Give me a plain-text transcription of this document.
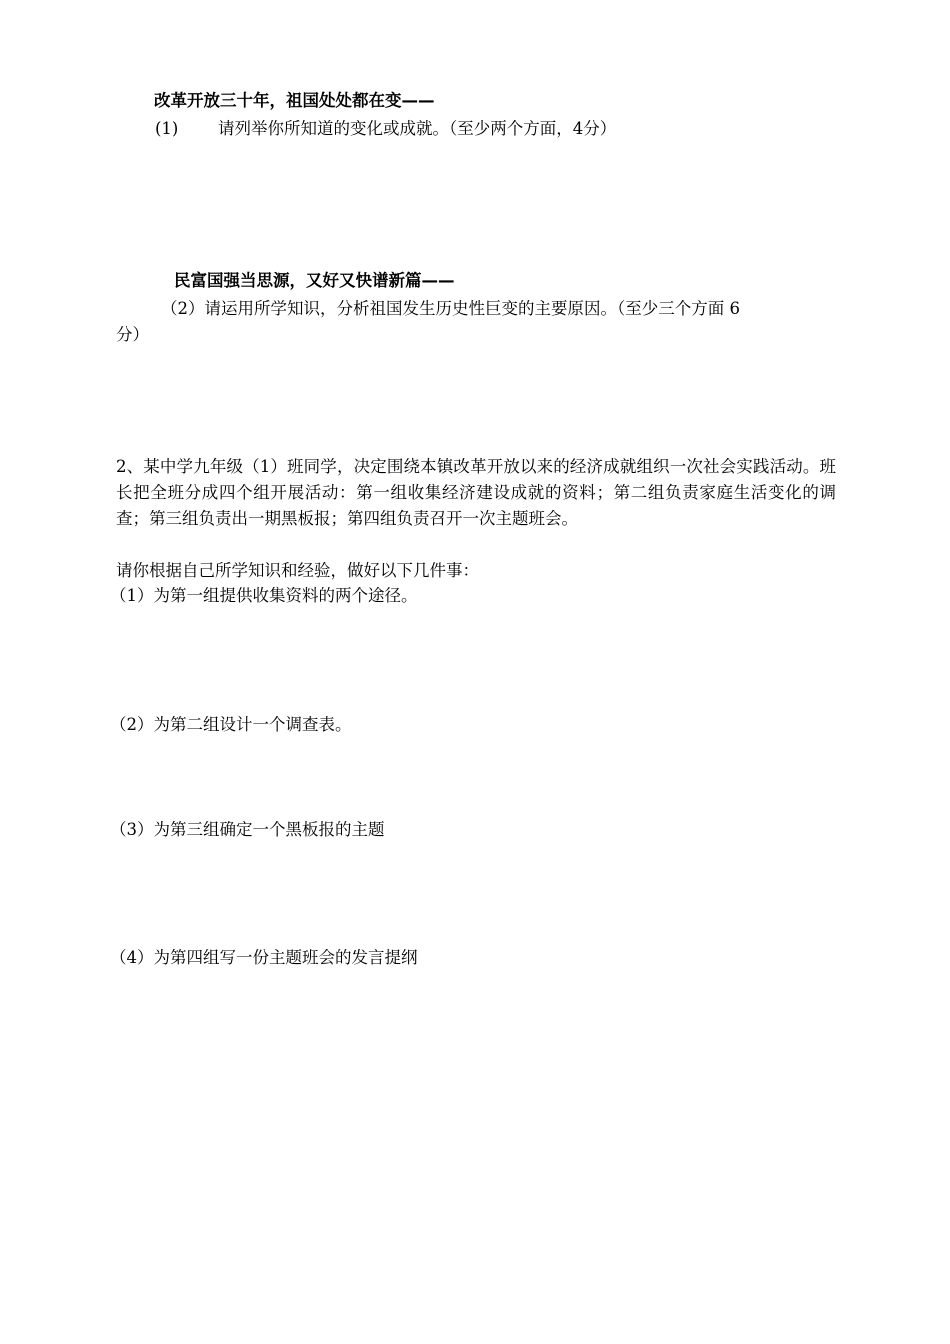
改革开放三十年，祖国处处都在变——
(1) 请列举你所知道的变化或成就。（至少两个方面，4分）
民富国强当思源，又好又快谱新篇——
（2）请运用所学知识，分析祖国发生历史性巨变的主要原因。（至少三个方面 6
分）
2、某中学九年级（1）班同学，决定围绕本镇改革开放以来的经济成就组织一次社会实践活动。班长把全班分成四个组开展活动：第一组收集经济建设成就的资料；第二组负责家庭生活变化的调查；第三组负责出一期黑板报；第四组负责召开一次主题班会。
请你根据自己所学知识和经验，做好以下几件事：
（1）为第一组提供收集资料的两个途径。
（2）为第二组设计一个调查表。
（3）为第三组确定一个黑板报的主题
（4）为第四组写一份主题班会的发言提纲
